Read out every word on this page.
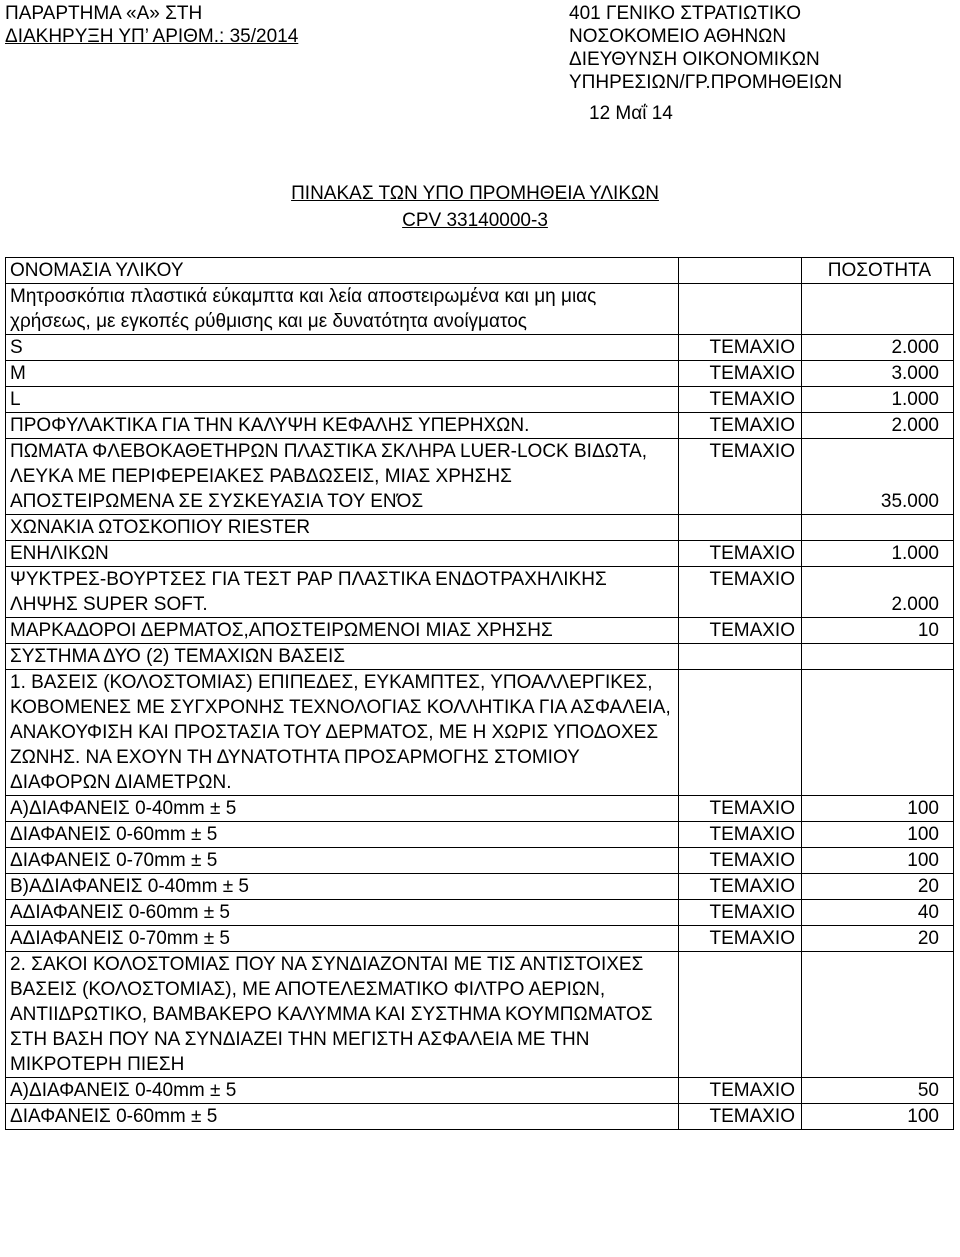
ΠΑΡΑΡΤΗΜΑ «Α» ΣΤΗ
ΔΙΑΚΗΡΥΞΗ ΥΠ’ ΑΡΙΘΜ.: 35/2014
401 ΓΕΝΙΚΟ ΣΤΡΑΤΙΩΤΙΚΟ
ΝΟΣΟΚΟΜΕΙΟ ΑΘΗΝΩΝ
ΔΙΕΥΘΥΝΣΗ ΟΙΚΟΝΟΜΙΚΩΝ
ΥΠΗΡΕΣΙΩΝ/ΓΡ.ΠΡΟΜΗΘΕΙΩΝ
12 Μαΐ 14
ΠΙΝΑΚΑΣ ΤΩΝ ΥΠΟ ΠΡΟΜΗΘΕΙΑ ΥΛΙΚΩΝ
CPV 33140000-3
ΟΝΟΜΑΣΙΑ ΥΛΙΚΟΥ		ΠΟΣΟΤΗΤΑ
Μητροσκόπια πλαστικά εύκαμπτα και λεία αποστειρωμένα και μη μιας χρήσεως, με εγκοπές ρύθμισης και με δυνατότητα ανοίγματος		
S	ΤΕΜΑΧΙΟ	2.000
M	ΤΕΜΑΧΙΟ	3.000
L	ΤΕΜΑΧΙΟ	1.000
ΠΡΟΦΥΛΑΚΤΙΚΑ ΓΙΑ ΤΗΝ ΚΑΛΥΨΗ ΚΕΦΑΛΗΣ ΥΠΕΡΗΧΩΝ.	ΤΕΜΑΧΙΟ	2.000
ΠΩΜΑΤΑ ΦΛΕΒΟΚΑΘΕΤΗΡΩΝ ΠΛΑΣΤΙΚΑ ΣΚΛΗΡΑ LUER-LOCK ΒΙΔΩΤΑ, ΛΕΥΚΑ ΜΕ ΠΕΡΙΦΕΡΕΙΑΚΕΣ ΡΑΒΔΩΣΕΙΣ, ΜΙΑΣ ΧΡΗΣΗΣ ΑΠΟΣΤΕΙΡΩΜΕΝΑ ΣΕ ΣΥΣΚΕΥΑΣΙΑ ΤΟΥ ΕΝΌΣ	ΤΕΜΑΧΙΟ	35.000
ΧΩΝΑΚΙΑ ΩΤΟΣΚΟΠΙΟΥ RIESTER		
ΕΝΗΛΙΚΩΝ	ΤΕΜΑΧΙΟ	1.000
ΨΥΚΤΡΕΣ-ΒΟΥΡΤΣΕΣ ΓΙΑ ΤΕΣΤ PAP ΠΛΑΣΤΙΚΑ ΕΝΔΟΤΡΑΧΗΛΙΚΗΣ ΛΗΨΗΣ SUPER SOFT.	ΤΕΜΑΧΙΟ	2.000
ΜΑΡΚΑΔΟΡΟΙ ΔΕΡΜΑΤΟΣ,ΑΠΟΣΤΕΙΡΩΜΕΝΟΙ ΜΙΑΣ ΧΡΗΣΗΣ	ΤΕΜΑΧΙΟ	10
ΣΥΣΤΗΜΑ ΔΥΟ (2) ΤΕΜΑΧΙΩΝ ΒΑΣΕΙΣ		
1. ΒΑΣΕΙΣ (ΚΟΛΟΣΤΟΜΙΑΣ) ΕΠΙΠΕΔΕΣ, ΕΥΚΑΜΠΤΕΣ, ΥΠΟΑΛΛΕΡΓΙΚΕΣ, ΚΟΒΟΜΕΝΕΣ ΜΕ ΣΥΓΧΡΟΝΗΣ ΤΕΧΝΟΛΟΓΙΑΣ ΚΟΛΛΗΤΙΚΑ ΓΙΑ ΑΣΦΑΛΕΙΑ, ΑΝΑΚΟΥΦΙΣΗ ΚΑΙ ΠΡΟΣΤΑΣΙΑ ΤΟΥ ΔΕΡΜΑΤΟΣ, ΜΕ Η ΧΩΡΙΣ ΥΠΟΔΟΧΕΣ ΖΩΝΗΣ. ΝΑ ΕΧΟΥΝ ΤΗ ΔΥΝΑΤΟΤΗΤΑ ΠΡΟΣΑΡΜΟΓΗΣ ΣΤΟΜΙΟΥ ΔΙΑΦΟΡΩΝ ΔΙΑΜΕΤΡΩΝ.		
Α)ΔΙΑΦΑΝΕΙΣ 0-40mm ± 5	ΤΕΜΑΧΙΟ	100
ΔΙΑΦΑΝΕΙΣ 0-60mm ± 5	ΤΕΜΑΧΙΟ	100
ΔΙΑΦΑΝΕΙΣ 0-70mm ± 5	ΤΕΜΑΧΙΟ	100
Β)ΑΔΙΑΦΑΝΕΙΣ 0-40mm ± 5	ΤΕΜΑΧΙΟ	20
ΑΔΙΑΦΑΝΕΙΣ 0-60mm ± 5	ΤΕΜΑΧΙΟ	40
ΑΔΙΑΦΑΝΕΙΣ 0-70mm ± 5	ΤΕΜΑΧΙΟ	20
2. ΣΑΚΟΙ ΚΟΛΟΣΤΟΜΙΑΣ ΠΟΥ ΝΑ ΣΥΝΔΙΑΖΟΝΤΑΙ ΜΕ ΤΙΣ ΑΝΤΙΣΤΟΙΧΕΣ ΒΑΣΕΙΣ (ΚΟΛΟΣΤΟΜΙΑΣ), ΜΕ ΑΠΟΤΕΛΕΣΜΑΤΙΚΟ ΦΙΛΤΡΟ ΑΕΡΙΩΝ, ΑΝΤΙΙΔΡΩΤΙΚΟ, ΒΑΜΒΑΚΕΡΟ ΚΑΛΥΜΜΑ ΚΑΙ ΣΥΣΤΗΜΑ ΚΟΥΜΠΩΜΑΤΟΣ ΣΤΗ ΒΑΣΗ ΠΟΥ ΝΑ ΣΥΝΔΙΑΖΕΙ ΤΗΝ ΜΕΓΙΣΤΗ ΑΣΦΑΛΕΙΑ ΜΕ ΤΗΝ ΜΙΚΡΟΤΕΡΗ ΠΙΕΣΗ		
Α)ΔΙΑΦΑΝΕΙΣ 0-40mm ± 5	ΤΕΜΑΧΙΟ	50
ΔΙΑΦΑΝΕΙΣ 0-60mm ± 5	ΤΕΜΑΧΙΟ	100
